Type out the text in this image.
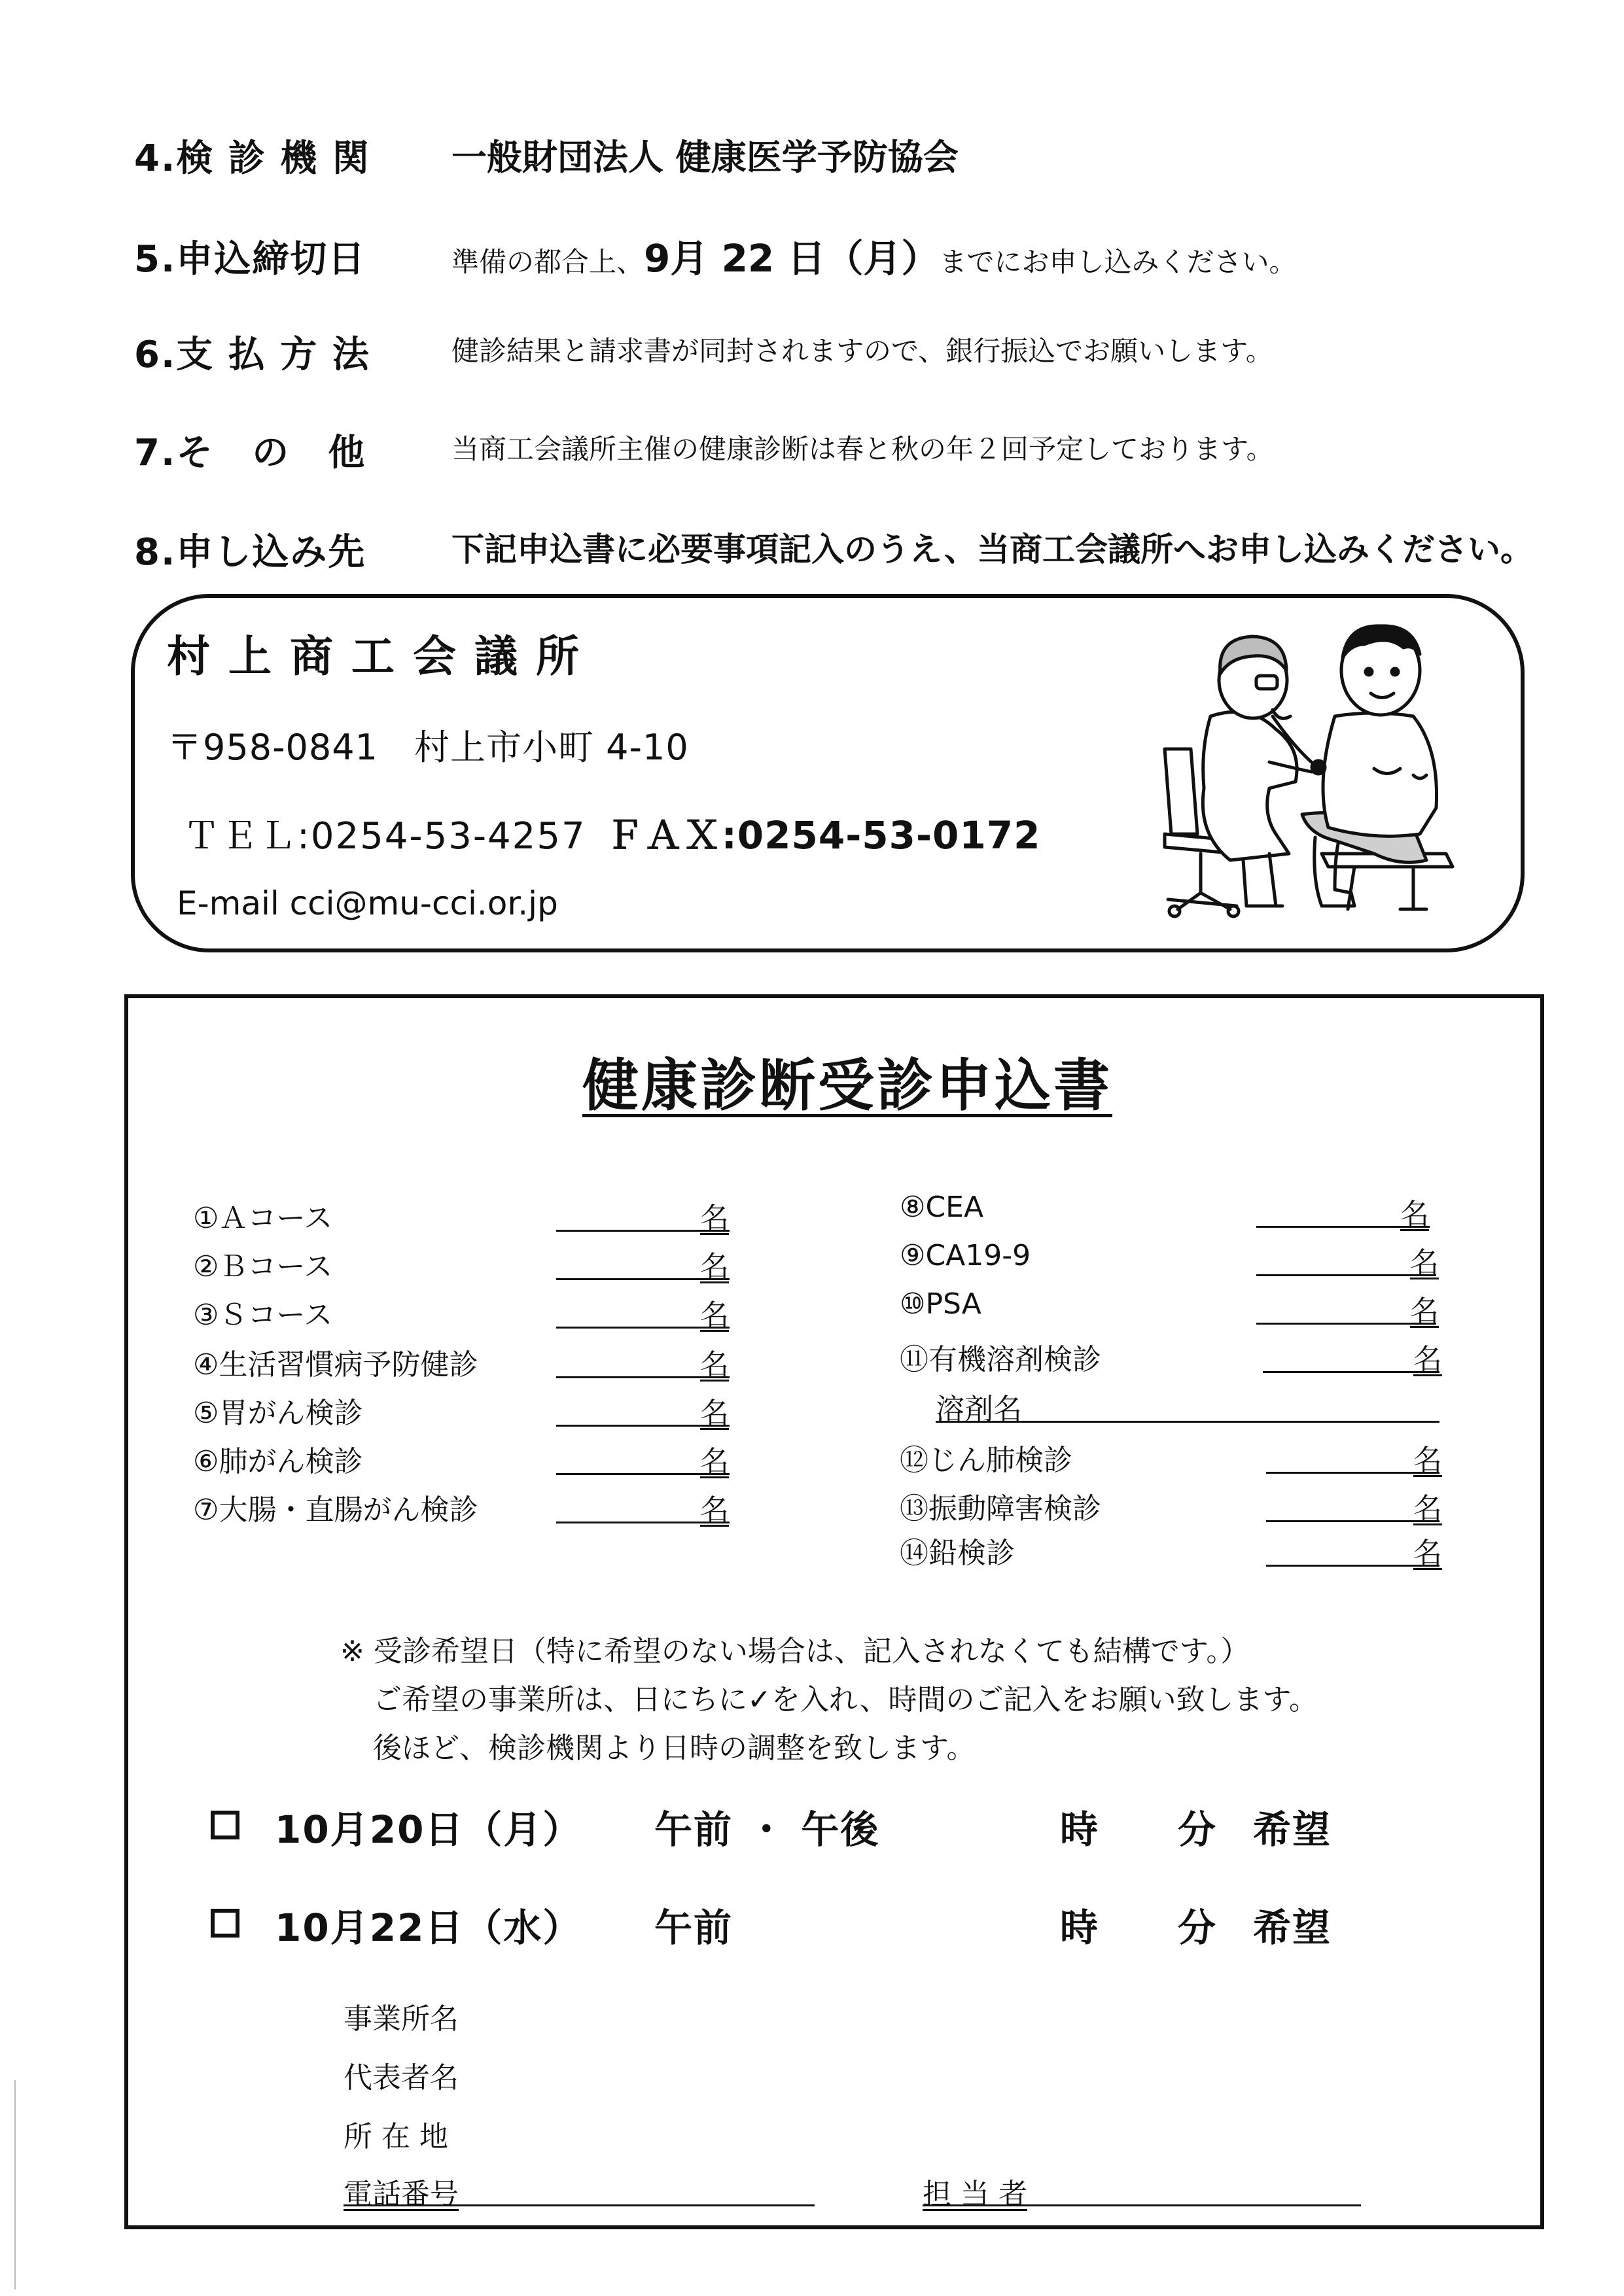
4.検 診 機 関 一般財団法人 健康医学予防協会
5.申込締切日	準備の都合上、9月 22 日（月）までにお申し込みください。
6.支 払 方 法	健診結果と請求書が同封されますので、銀行振込でお願いします。
7.そ　の　他	当商工会議所主催の健康診断は春と秋の年２回予定しております。
8.申し込み先	下記申込書に必要事項記入のうえ、当商工会議所へお申し込みください。
村上商工会議所
〒958-0841　村上市小町 4-10
ＴＥＬ:0254-53-4257 ＦＡＸ:0254-53-0172
E-mail cci@mu-cci.or.jp
健康診断受診申込書
①Ａコース	名
②Ｂコース	名
③Ｓコース	名
④生活習慣病予防健診	名
⑤胃がん検診	名
⑥肺がん検診	名
⑦大腸・直腸がん検診	名
⑧CEA	名
⑨CA19-9	名
⑩PSA	名
⑪有機溶剤検診	名
溶剤名
⑫じん肺検診	名
⑬振動障害検診	名
⑭鉛検診	名
※ 受診希望日（特に希望のない場合は、記入されなくても結構です。）
ご希望の事業所は、日にちに✓を入れ、時間のご記入をお願い致します。
後ほど、検診機関より日時の調整を致します。
10月20日（月） 午前 ・ 午後	時 分 希望
10月22日（水） 午前	時 分 希望
事業所名
代表者名
所 在 地
電話番号	担 当 者
